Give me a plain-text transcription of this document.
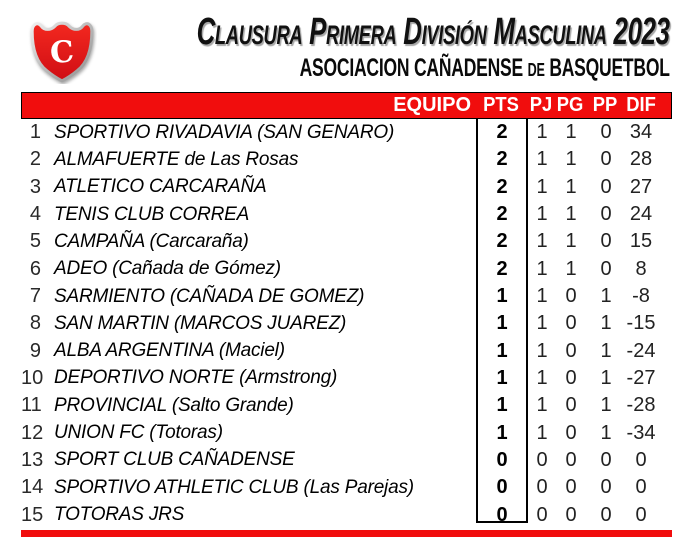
C	Clausura Primera División Masculina 2023
ASOCIACION CAÑADENSE de BASQUETBOL
EQUIPO PTS PJ PG PP DIF
1 SPORTIVO RIVADAVIA (SAN GENARO)	2	1 1	0 34
2 ALMAFUERTE de Las Rosas	2	1 1	0 28
3 ATLETICO CARCARAÑA	2	1 1	0 27
4 TENIS CLUB CORREA	2	1 1	0 24
5 CAMPAÑA (Carcaraña)	2	1 1	0 15
6 ADEO (Cañada de Gómez)	2	1 1	0	8
7 SARMIENTO (CAÑADA DE GOMEZ)	1	1 0	1	-8
8 SAN MARTIN (MARCOS JUAREZ)	1	1 0	1 -15
9 ALBA ARGENTINA (Maciel)	1	1 0	1 -24
10 DEPORTIVO NORTE (Armstrong)	1	1 0	1 -27
11 PROVINCIAL (Salto Grande)	1	1 0	1 -28
12 UNION FC (Totoras)	1	1 0	1 -34
13 SPORT CLUB CAÑADENSE	0	0 0	0	0
14 SPORTIVO ATHLETIC CLUB (Las Parejas)	0	0 0	0	0
15 TOTORAS JRS	0	0 0	0	0
